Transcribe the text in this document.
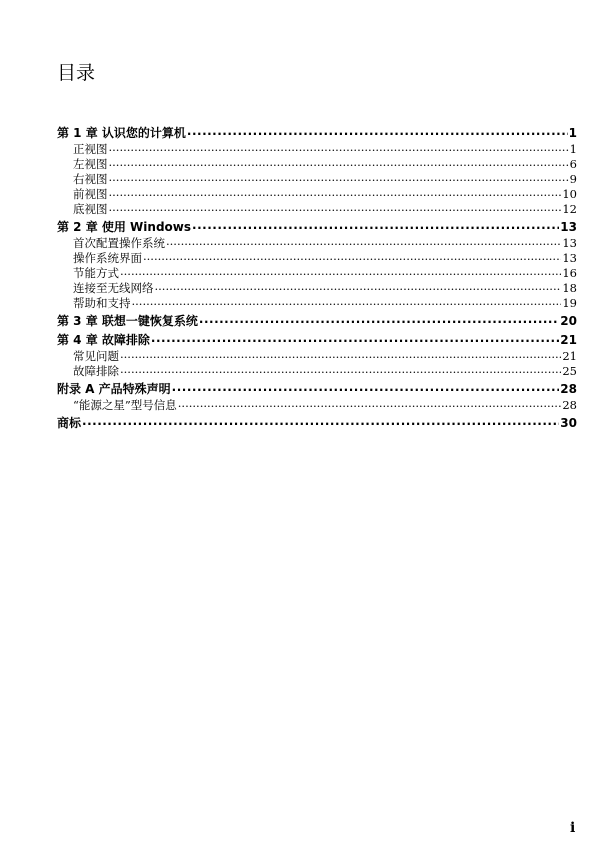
目录
第 1 章 认识您的计算机 .....	1
正视图 .....	1
左视图 .....	6
右视图 .....	9
前视图 .....	10
底视图 .....	12
第 2 章 使用 Windows .....	13
首次配置操作系统 .....	13
操作系统界面 .....	13
节能方式 .....	16
连接至无线网络 .....	18
帮助和支持 .....	19
第 3 章 联想一键恢复系统 .....	20
第 4 章 故障排除 .....	21
常见问题 .....	21
故障排除 .....	25
附录 A 产品特殊声明 .....	28
“能源之星”型号信息 .....	28
商标 .....	30
i
